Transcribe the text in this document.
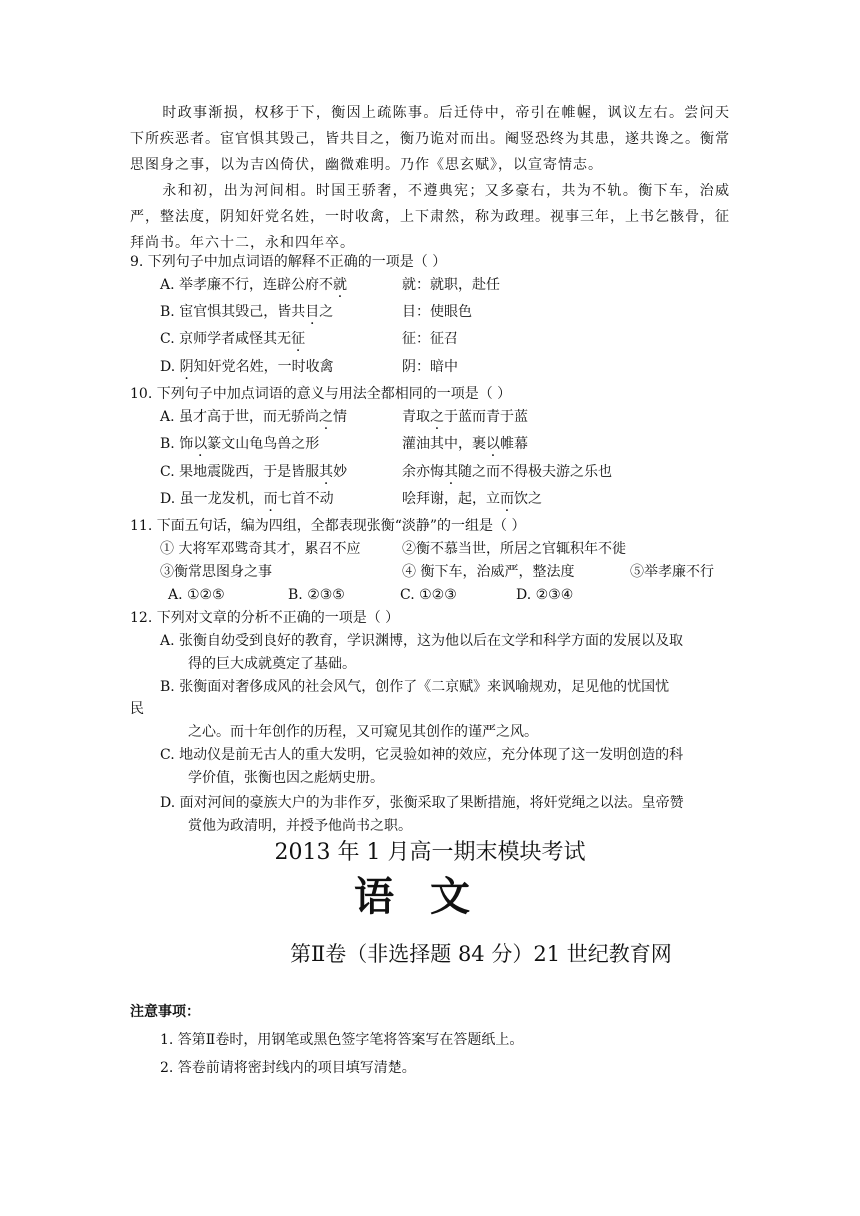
时政事渐损，权移于下，衡因上疏陈事。后迁侍中，帝引在帷幄，讽议左右。尝问天下所疾恶者。宦官惧其毁己，皆共目之，衡乃诡对而出。阉竖恐终为其患，遂共谗之。衡常思图身之事，以为吉凶倚伏，幽微难明。乃作《思玄赋》，以宣寄情志。
永和初，出为河间相。时国王骄奢，不遵典宪；又多豪右，共为不轨。衡下车，治威严，整法度，阴知奸党名姓，一时收禽，上下肃然，称为政理。视事三年，上书乞骸骨，征拜尚书。年六十二，永和四年卒。
9. 下列句子中加点词语的解释不正确的一项是（ ）
A. 举孝廉不行，连辟公府不就	就：就职，赴任
B. 宦官惧其毁己，皆共目之	目：使眼色
C. 京师学者咸怪其无征	征：征召
D. 阴知奸党名姓，一时收禽	阴：暗中
10. 下列句子中加点词语的意义与用法全都相同的一项是（ ）
A. 虽才高于世，而无骄尚之情	青取之于蓝而青于蓝
B. 饰以篆文山龟鸟兽之形	灌油其中，裹以帷幕
C. 果地震陇西，于是皆服其妙	余亦悔其随之而不得极夫游之乐也
D. 虽一龙发机，而七首不动	哙拜谢，起，立而饮之
11. 下面五句话，编为四组，全都表现张衡“淡静”的一组是（ ）
① 大将军邓骘奇其才，累召不应	②衡不慕当世，所居之官辄积年不徙
③衡常思图身之事	④ 衡下车，治威严，整法度	⑤举孝廉不行
A. ①②⑤	B. ②③⑤	C. ①②③	D. ②③④
12. 下列对文章的分析不正确的一项是（ ）
A. 张衡自幼受到良好的教育，学识渊博，这为他以后在文学和科学方面的发展以及取
得的巨大成就奠定了基础。
B. 张衡面对奢侈成风的社会风气，创作了《二京赋》来讽喻规劝，足见他的忧国忧
民
之心。而十年创作的历程，又可窥见其创作的谨严之风。
C. 地动仪是前无古人的重大发明，它灵验如神的效应，充分体现了这一发明创造的科
学价值，张衡也因之彪炳史册。
D. 面对河间的豪族大户的为非作歹，张衡采取了果断措施，将奸党绳之以法。皇帝赞
赏他为政清明，并授予他尚书之职。
2013 年 1 月高一期末模块考试
语文
第Ⅱ卷（非选择题 84 分）21 世纪教育网
注意事项：
1. 答第Ⅱ卷时，用钢笔或黑色签字笔将答案写在答题纸上。
2. 答卷前请将密封线内的项目填写清楚。
